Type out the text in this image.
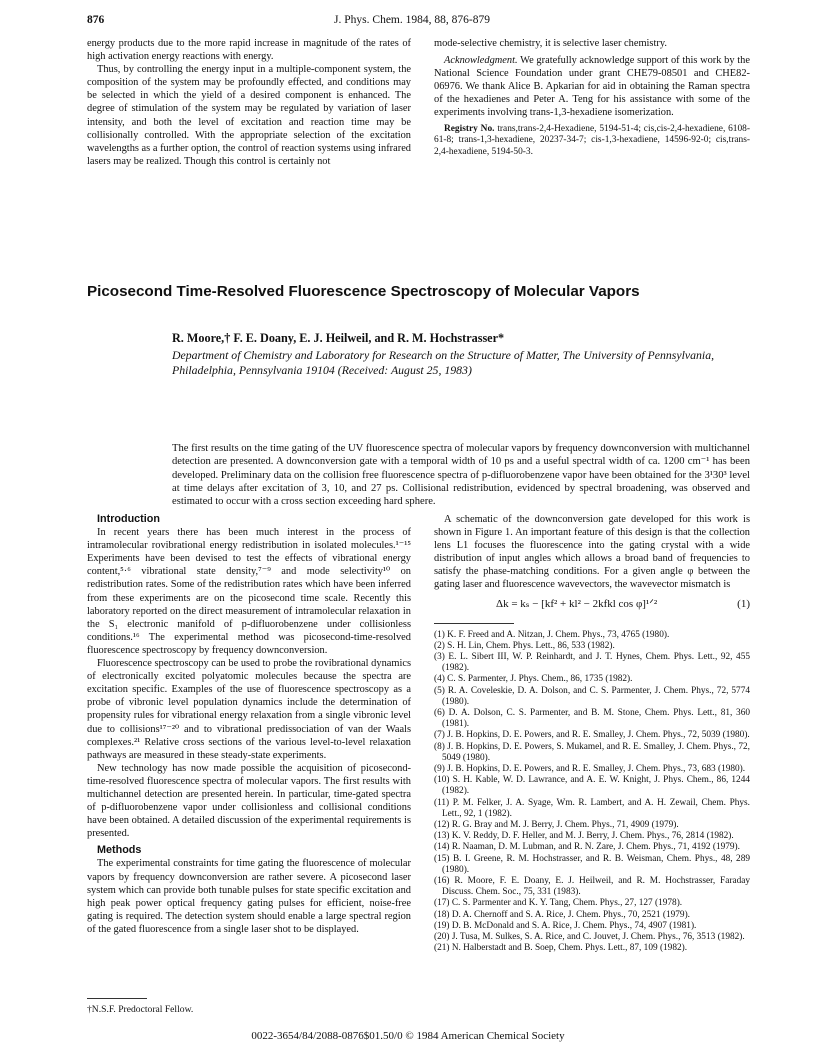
876	J. Phys. Chem. 1984, 88, 876-879

energy products due to the more rapid increase in magnitude of the rates of high activation energy reactions with energy.

Thus, by controlling the energy input in a multiple-component system, the composition of the system may be profoundly effected, and conditions may be selected in which the yield of a desired component is enhanced. The degree of stimulation of the system may be regulated by variation of laser intensity, and both the level of excitation and reaction time may be collisionally controlled. With the appropriate selection of the excitation wavelengths as a further option, the control of reaction systems using infrared lasers may be realized. Though this control is certainly not

mode-selective chemistry, it is selective laser chemistry.

Acknowledgment. We gratefully acknowledge support of this work by the National Science Foundation under grant CHE79-08501 and CHE82-06976. We thank Alice B. Apkarian for aid in obtaining the Raman spectra of the hexadienes and Peter A. Teng for his assistance with some of the experiments involving trans-1,3-hexadiene isomerization.

Registry No. trans,trans-2,4-Hexadiene, 5194-51-4; cis,cis-2,4-hexadiene, 6108-61-8; trans-1,3-hexadiene, 20237-34-7; cis-1,3-hexadiene, 14596-92-0; cis,trans-2,4-hexadiene, 5194-50-3.

Picosecond Time-Resolved Fluorescence Spectroscopy of Molecular Vapors
R. Moore,† F. E. Doany, E. J. Heilweil, and R. M. Hochstrasser*
Department of Chemistry and Laboratory for Research on the Structure of Matter, The University of Pennsylvania, Philadelphia, Pennsylvania 19104 (Received: August 25, 1983)
The first results on the time gating of the UV fluorescence spectra of molecular vapors by frequency downconversion with multichannel detection are presented. A downconversion gate with a temporal width of 10 ps and a useful spectral width of ca. 1200 cm⁻¹ has been developed. Preliminary data on the collision free fluorescence spectra of p-difluorobenzene vapor have been obtained for the 3¹30³ level at time delays after excitation of 3, 10, and 27 ps. Collisional redistribution, evidenced by spectral broadening, was observed and estimated to occur with a cross section exceeding hard sphere.

Introduction

In recent years there has been much interest in the process of intramolecular rovibrational energy redistribution in isolated molecules.¹⁻¹⁵ Experiments have been devised to test the effects of vibrational energy content,⁵·⁶ vibrational state density,⁷⁻⁹ and mode selectivity¹⁰ on redistribution rates. Some of the redistribution rates which have been inferred from these experiments are on the picosecond time scale. Recently this laboratory reported on the direct measurement of intramolecular relaxation in the S₁ electronic manifold of p-difluorobenzene under collisionless conditions.¹⁶ The experimental method was picosecond-time-resolved fluorescence spectroscopy by frequency downconversion.

Fluorescence spectroscopy can be used to probe the rovibrational dynamics of electronically excited polyatomic molecules because the spectra are excitation specific. Examples of the use of fluorescence spectroscopy as a probe of vibronic level population dynamics include the determination of propensity rules for vibrational energy relaxation from a single vibronic level due to collisions¹⁷⁻²⁰ and to vibrational predissociation of van der Waals complexes.²¹ Relative cross sections of the various level-to-level relaxation pathways are measured in these steady-state experiments.

New technology has now made possible the acquisition of picosecond-time-resolved fluorescence spectra of molecular vapors. The first results with multichannel detection are presented herein. In particular, time-gated spectra of p-difluorobenzene vapor under collisionless and collisional conditions have been obtained. A detailed discussion of the experimental requirements is presented.

Methods

The experimental constraints for time gating the fluorescence of molecular vapors by frequency downconversion are rather severe. A picosecond laser system which can provide both tunable pulses for state specific excitation and high peak power optical frequency gating pulses for efficient, noise-free gating is required. The detection system should enable a large spectral region of the gated fluorescence from a single laser shot to be displayed.

†N.S.F. Predoctoral Fellow.

A schematic of the downconversion gate developed for this work is shown in Figure 1. An important feature of this design is that the collection lens L1 focuses the fluorescence into the gating crystal with a wide distribution of input angles which allows a broad band of frequencies to satisfy the phase-matching conditions. For a given angle φ between the gating laser and fluorescence wavevectors, the wavevector mismatch is

Δk = kₛ − [kf² + kl² − 2kfkl cos φ]¹ᐟ²	(1)
(1) K. F. Freed and A. Nitzan, J. Chem. Phys., 73, 4765 (1980).
(2) S. H. Lin, Chem. Phys. Lett., 86, 533 (1982).
(3) E. L. Sibert III, W. P. Reinhardt, and J. T. Hynes, Chem. Phys. Lett., 92, 455 (1982).
(4) C. S. Parmenter, J. Phys. Chem., 86, 1735 (1982).
(5) R. A. Coveleskie, D. A. Dolson, and C. S. Parmenter, J. Chem. Phys., 72, 5774 (1980).
(6) D. A. Dolson, C. S. Parmenter, and B. M. Stone, Chem. Phys. Lett., 81, 360 (1981).
(7) J. B. Hopkins, D. E. Powers, and R. E. Smalley, J. Chem. Phys., 72, 5039 (1980).
(8) J. B. Hopkins, D. E. Powers, S. Mukamel, and R. E. Smalley, J. Chem. Phys., 72, 5049 (1980).
(9) J. B. Hopkins, D. E. Powers, and R. E. Smalley, J. Chem. Phys., 73, 683 (1980).
(10) S. H. Kable, W. D. Lawrance, and A. E. W. Knight, J. Phys. Chem., 86, 1244 (1982).
(11) P. M. Felker, J. A. Syage, Wm. R. Lambert, and A. H. Zewail, Chem. Phys. Lett., 92, 1 (1982).
(12) R. G. Bray and M. J. Berry, J. Chem. Phys., 71, 4909 (1979).
(13) K. V. Reddy, D. F. Heller, and M. J. Berry, J. Chem. Phys., 76, 2814 (1982).
(14) R. Naaman, D. M. Lubman, and R. N. Zare, J. Chem. Phys., 71, 4192 (1979).
(15) B. I. Greene, R. M. Hochstrasser, and R. B. Weisman, Chem. Phys., 48, 289 (1980).
(16) R. Moore, F. E. Doany, E. J. Heilweil, and R. M. Hochstrasser, Faraday Discuss. Chem. Soc., 75, 331 (1983).
(17) C. S. Parmenter and K. Y. Tang, Chem. Phys., 27, 127 (1978).
(18) D. A. Chernoff and S. A. Rice, J. Chem. Phys., 70, 2521 (1979).
(19) D. B. McDonald and S. A. Rice, J. Chem. Phys., 74, 4907 (1981).
(20) J. Tusa, M. Sulkes, S. A. Rice, and C. Jouvet, J. Chem. Phys., 76, 3513 (1982).
(21) N. Halberstadt and B. Soep, Chem. Phys. Lett., 87, 109 (1982).
0022-3654/84/2088-0876$01.50/0 © 1984 American Chemical Society
